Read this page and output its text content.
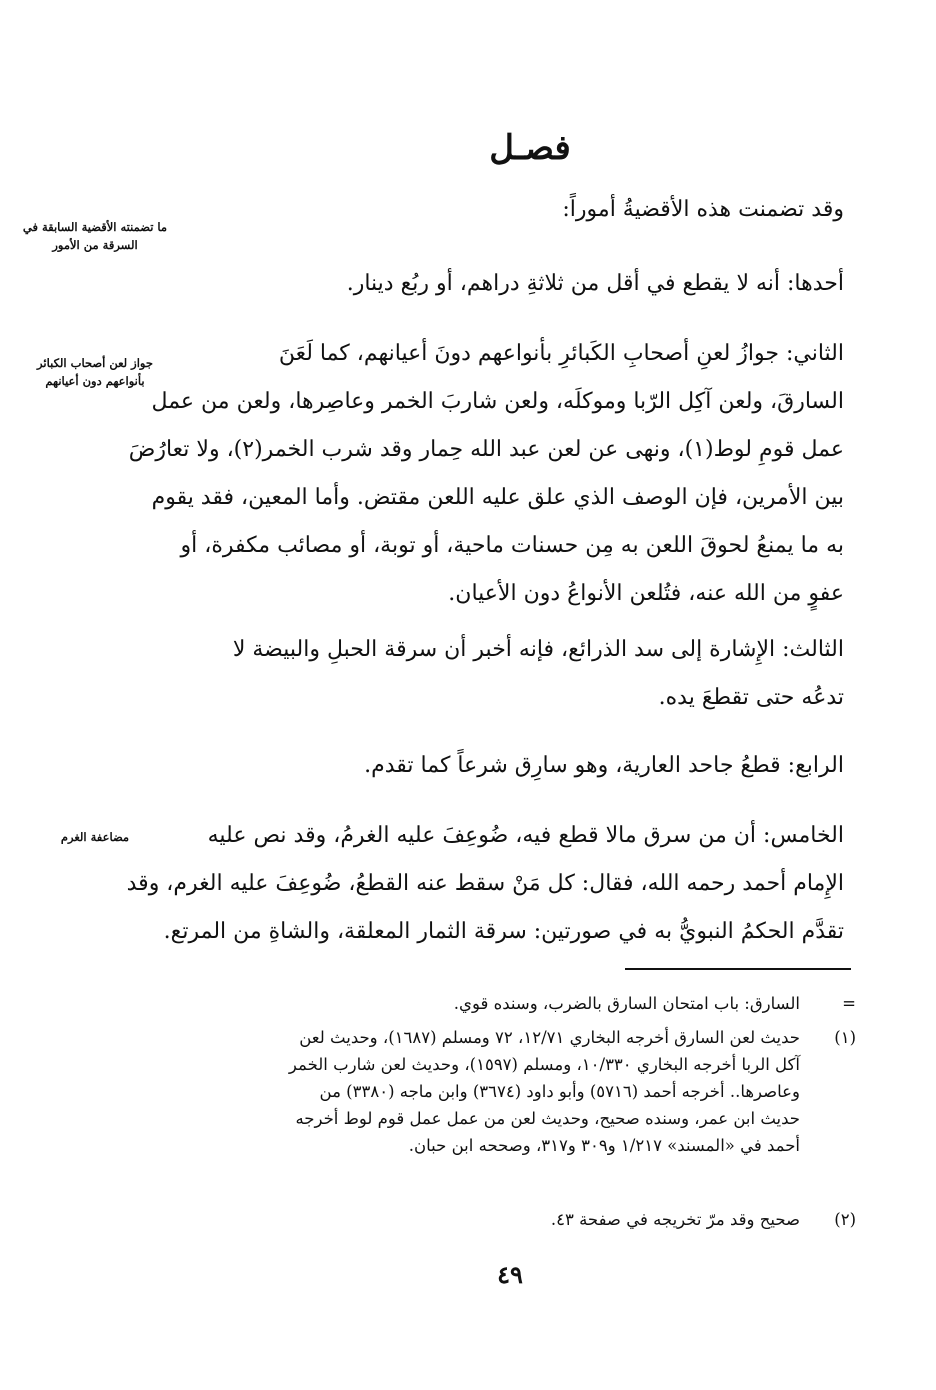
فصـل
وقد تضمنت هذه الأقضيةُ أموراً:
ما تضمنته الأقضية السابقة في السرقة من الأمور
أحدها: أنه لا يقطع في أقل من ثلاثةِ دراهم، أو ربُع دينار.
الثاني: جوازُ لعنِ أصحابِ الكَبائرِ بأنواعهم دونَ أعيانهم، كما لَعَنَ
السارقَ، ولعن آكِل الرّبا وموكلَه، ولعن شاربَ الخمر وعاصِرها، ولعن من عمل
عمل قومِ لوط(١)، ونهى عن لعن عبد الله حِمار وقد شرب الخمر(٢)، ولا تعارُضَ
بين الأمرين، فإن الوصف الذي علق عليه اللعن مقتض. وأما المعين، فقد يقوم
به ما يمنعُ لحوقَ اللعن به مِن حسنات ماحية، أو توبة، أو مصائب مكفرة، أو
عفوٍ من الله عنه، فتُلعن الأنواعُ دون الأعيان.
جواز لعن أصحاب الكبائر بأنواعهم دون أعيانهم
الثالث: الإِشارة إلى سد الذرائع، فإنه أخبر أن سرقة الحبلِ والبيضة لا
تدعُه حتى تقطعَ يده.
الرابع: قطعُ جاحد العارية، وهو سارِق شرعاً كما تقدم.
الخامس: أن من سرق مالا قطع فيه، ضُوعِفَ عليه الغرمُ، وقد نص عليه
الإِمام أحمد رحمه الله، فقال: كل مَنْ سقط عنه القطعُ، ضُوعِفَ عليه الغرم، وقد
تقدَّم الحكمُ النبويُّ به في صورتين: سرقة الثمار المعلقة، والشاةِ من المرتع.
مضاعفة الغرم
=
السارق: باب امتحان السارق بالضرب، وسنده قوي.
(١)
حديث لعن السارق أخرجه البخاري ١٢/٧١، ٧٢ ومسلم (١٦٨٧)، وحديث لعن
آكل الربا أخرجه البخاري ١٠/٣٣٠، ومسلم (١٥٩٧)، وحديث لعن شارب الخمر
وعاصرها.. أخرجه أحمد (٥٧١٦) وأبو داود (٣٦٧٤) وابن ماجه (٣٣٨٠) من
حديث ابن عمر، وسنده صحيح، وحديث لعن من عمل عمل قوم لوط أخرجه
أحمد في «المسند» ١/٢١٧ و٣٠٩ و٣١٧، وصححه ابن حبان.
(٢)
صحيح وقد مرّ تخريجه في صفحة ٤٣.
٤٩
